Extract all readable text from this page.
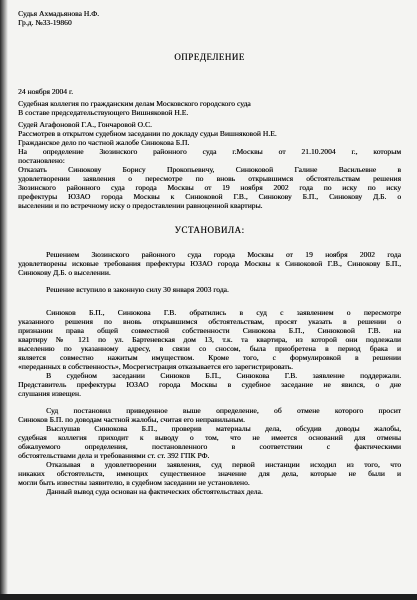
Судья Ахмадьянова Н.Ф.
Гр.д. №33-19860
ОПРЕДЕЛЕНИЕ
24 ноября 2004 г.
Судебная коллегия по гражданским делам Московского городского суда
В составе председательствующего Вишняковой Н.Е.
Судей Агафоновой Г.А., Гончаровой О.С.
Рассмотрев в открытом судебном заседании по докладу судьи Вишняковой Н.Е.
Гражданское дело по частной жалобе Синюкова Б.П.
На определение Зюзинского районного суда г.Москвы от 21.10.2004 г., которым
постановлено:
Отказать Синюкову Борису Прокопьевичу, Синюковой Галине Васильевне в
удовлетворении заявления о пересмотре по вновь открывшимся обстоятельствам решения
Зюзинского районного суда города Москвы от 19 ноября 2002 года по иску по иску
префектуры ЮЗАО города Москвы к Синюковой Г.В., Синюкову Б.П., Синюкову Д.Б. о
выселении и по встречному иску о предоставлении равноценной квартиры.
УСТАНОВИЛА:
Решением Зюзинского районного суда города Москвы от 19 ноября 2002 года
удовлетворены исковые требования префектуры ЮЗАО города Москвы к Синюковой Г.В., Синюкову Б.П.,
Синюкову Д.Б. о выселении.
Решение вступило в законную силу 30 января 2003 года.
Синюков Б.П., Синюкова Г.В. обратились в суд с заявлением о пересмотре
указанного решения по вновь открывшимся обстоятельствам, просят указать в решении о
признании права общей совместной собственности Синюкова Б.П., Синюковой Г.В. на
квартиру № 121 по ул. Бартеневская дом 13, т.к. та квартира, из которой они подлежали
выселению по указанному адресу, в связи со сносом, была приобретена в период брака и
является совместно нажитым имуществом. Кроме того, с формулировкой в решении
«переданных в собственность», Мосрегистрация отказывается его зарегистрировать.
В судебном заседании Синюков Б.П., Синюкова Г.В. заявление поддержали.
Представитель префектуры ЮЗАО города Москвы в судебное заседание не явился, о дне
слушания извещен.
Суд постановил приведенное выше определение, об отмене которого просит
Синюков Б.П. по доводам частной жалобы, считая его неправильным.
Выслушав Синюкова Б.П., проверив материалы дела, обсудив доводы жалобы,
судебная коллегия приходит к выводу о том, что не имеется оснований для отмены
обжалуемого определения, постановленного в соответствии с фактическими
обстоятельствами дела и требованиями ст. ст. 392 ГПК РФ.
Отказывая в удовлетворении заявления, суд первой инстанции исходил из того, что
никаких обстоятельств, имеющих существенное значение для дела, которые не были и
могли быть известны заявителю, в судебном заседании не установлено.
Данный вывод суда основан на фактических обстоятельствах дела.
